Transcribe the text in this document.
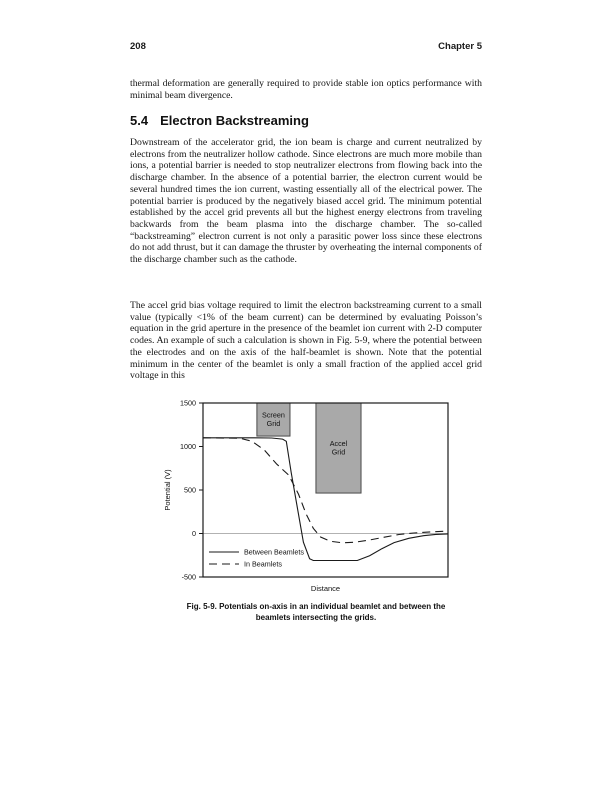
208	Chapter 5
thermal deformation are generally required to provide stable ion optics performance with minimal beam divergence.
5.4 Electron Backstreaming
Downstream of the accelerator grid, the ion beam is charge and current neutralized by electrons from the neutralizer hollow cathode. Since electrons are much more mobile than ions, a potential barrier is needed to stop neutralizer electrons from flowing back into the discharge chamber. In the absence of a potential barrier, the electron current would be several hundred times the ion current, wasting essentially all of the electrical power. The potential barrier is produced by the negatively biased accel grid. The minimum potential established by the accel grid prevents all but the highest energy electrons from traveling backwards from the beam plasma into the discharge chamber. The so-called “backstreaming” electron current is not only a parasitic power loss since these electrons do not add thrust, but it can damage the thruster by overheating the internal components of the discharge chamber such as the cathode.
The accel grid bias voltage required to limit the electron backstreaming current to a small value (typically <1% of the beam current) can be determined by evaluating Poisson’s equation in the grid aperture in the presence of the beamlet ion current with 2-D computer codes. An example of such a calculation is shown in Fig. 5-9, where the potential between the electrodes and on the axis of the half-beamlet is shown. Note that the potential minimum in the center of the beamlet is only a small fraction of the applied accel grid voltage in this
Screen Grid
Accel Grid
1500
1000
500
0
-500
Potential (V)
Distance
Between Beamlets
In Beamlets
Fig. 5-9. Potentials on-axis in an individual beamlet and between the
beamlets intersecting the grids.
